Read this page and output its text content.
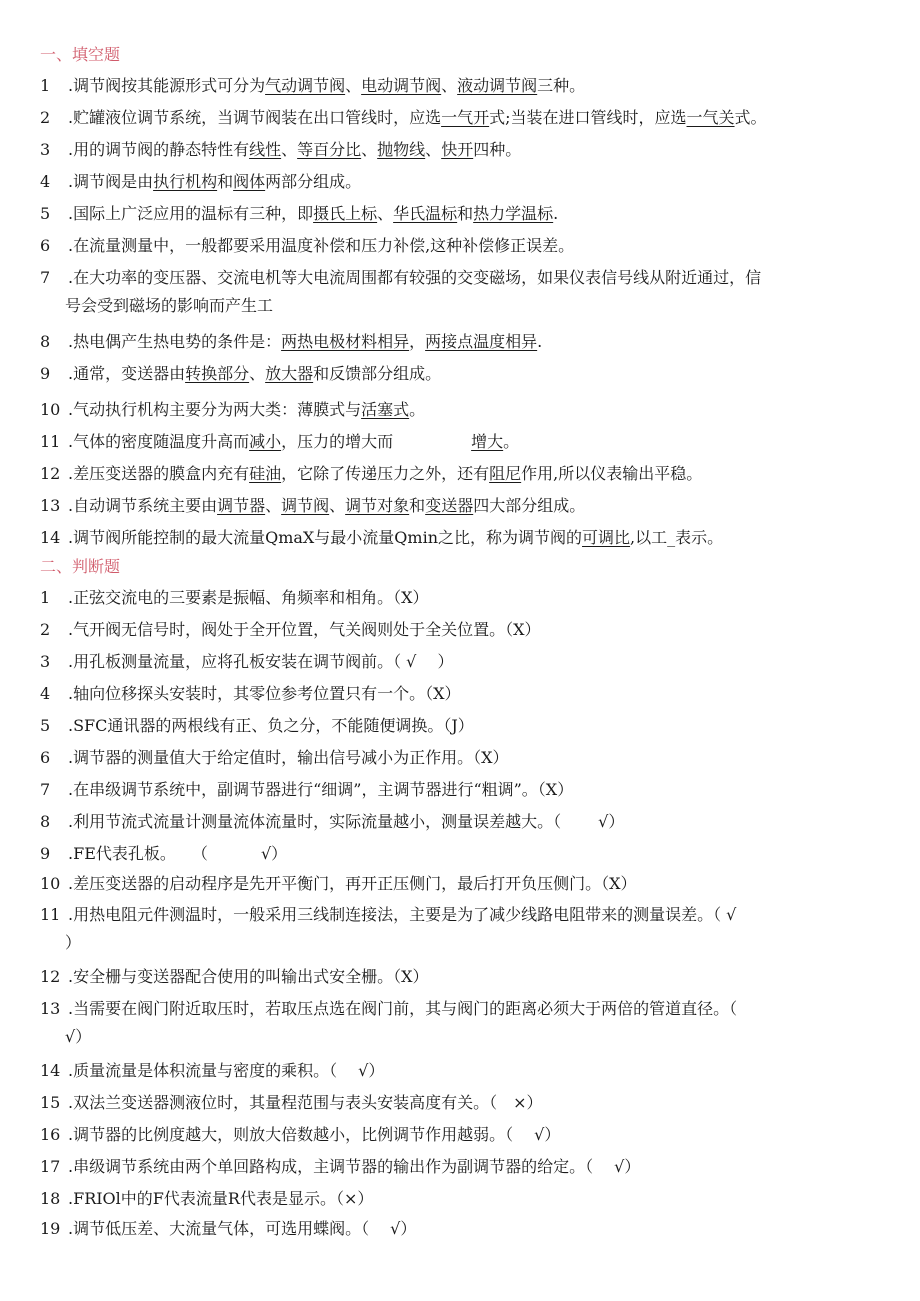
一、填空题
1 .调节阀按其能源形式可分为气动调节阀、电动调节阀、液动调节阀三种。
2 .贮罐液位调节系统，当调节阀装在出口管线时，应选一气开式;当装在进口管线时，应选一气关式。
3 .用的调节阀的静态特性有线性、等百分比、抛物线、快开四种。
4 .调节阀是由执行机构和阀体两部分组成。
5 .国际上广泛应用的温标有三种，即摄氏上标、华氏温标和热力学温标.
6 .在流量测量中，一般都要采用温度补偿和压力补偿,这种补偿修正误差。
7 .在大功率的变压器、交流电机等大电流周围都有较强的交变磁场，如果仪表信号线从附近通过，信
号会受到磁场的影响而产生工
8 .热电偶产生热电势的条件是：两热电极材料相异，两接点温度相异.
9 .通常，变送器由转换部分、放大器和反馈部分组成。
10 .气动执行机构主要分为两大类：薄膜式与活塞式。
11 .气体的密度随温度升高而减小，压力的增大而	增大。
12 .差压变送器的膜盒内充有硅油，它除了传递压力之外，还有阻尼作用,所以仪表输出平稳。
13 .自动调节系统主要由调节器、调节阀、调节对象和变送器四大部分组成。
14 .调节阀所能控制的最大流量QmaX与最小流量Qmin之比，称为调节阀的可调比,以工_表示。
二、判断题
1 .正弦交流电的三要素是振幅、角频率和相角。（X）
2 .气开阀无信号时，阀处于全开位置，气关阀则处于全关位置。（X）
3 .用孔板测量流量，应将孔板安装在调节阀前。（ √　 ）
4 .轴向位移探头安装时，其零位参考位置只有一个。（X）
5 .SFC通讯器的两根线有正、负之分，不能随便调换。（J）
6 .调节器的测量值大于给定值时，输出信号减小为正作用。（X）
7 .在串级调节系统中，副调节器进行“细调”，主调节器进行“粗调”。（X）
8 .利用节流式流量计测量流体流量时，实际流量越小，测量误差越大。（　　 √）
9 .FE代表孔板。　　（　　　 √）
10 .差压变送器的启动程序是先开平衡门，再开正压侧门，最后打开负压侧门。（X）
11 .用热电阻元件测温时，一般采用三线制连接法，主要是为了减少线路电阻带来的测量误差。（ √
）
12 .安全栅与变送器配合使用的叫输出式安全栅。（X）
13 .当需要在阀门附近取压时，若取压点选在阀门前，其与阀门的距离必须大于两倍的管道直径。（
√）
14 .质量流量是体积流量与密度的乘积。（　 √）
15 .双法兰变送器测液位时，其量程范围与表头安装高度有关。（　×）
16 .调节器的比例度越大，则放大倍数越小，比例调节作用越弱。（　 √）
17 .串级调节系统由两个单回路构成，主调节器的输出作为副调节器的给定。（　 √）
18 .FRIOl中的F代表流量R代表是显示。（×）
19 .调节低压差、大流量气体，可选用蝶阀。（　 √）
